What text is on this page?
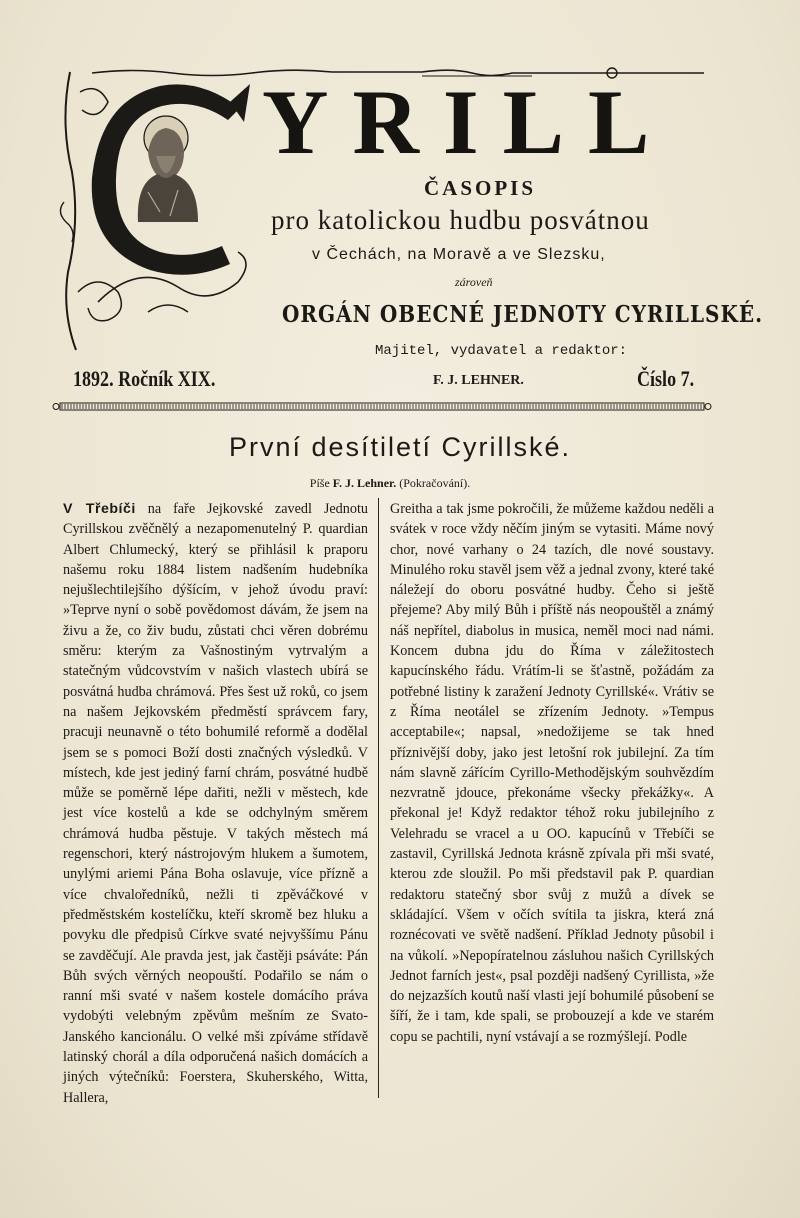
YRILL
ČASOPIS
pro katolickou hudbu posvátnou
v Čechách, na Moravě a ve Slezsku,
zároveň
ORGÁN OBECNÉ JEDNOTY CYRILLSKÉ.
Majitel, vydavatel a redaktor:
1892. Ročník XIX.	F. J. LEHNER.	Číslo 7.
První desítiletí Cyrillské.
Píše F. J. Lehner. (Pokračování).
V Třebíči na faře Jejkovské zavedl Jednotu Cyrillskou zvěčnělý a nezapomenutelný P. quardian Albert Chlumecký, který se přihlásil k praporu našemu roku 1884 listem nadšením hudebníka nejušlechtilejšího dýšícím, v jehož úvodu praví: »Teprve nyní o sobě povědomost dávám, že jsem na živu a že, co živ budu, zůstati chci věren dobrému směru: kterým za Vašnostiným vytrvalým a statečným vůdcovstvím v našich vlastech ubírá se posvátná hudba chrámová. Přes šest už roků, co jsem na našem Jejkovském předměstí správcem fary, pracuji neunavně o této bohumilé reformě a dodělal jsem se s pomoci Boží dosti značných výsledků. V místech, kde jest jediný farní chrám, posvátné hudbě může se poměrně lépe dařiti, nežli v městech, kde jest více kostelů a kde se odchylným směrem chrámová hudba pěstuje. V takých městech má regenschori, který nástrojovým hlukem a šumotem, unylými ariemi Pána Boha oslavuje, více přízně a více chvaloředníků, nežli ti zpěváčkové v předměstském kostelíčku, kteří skromě bez hluku a povyku dle předpisů Církve svaté nejvyššímu Pánu se zavděčují. Ale pravda jest, jak častěji psáváte: Pán Bůh svých věrných neopouští. Podařilo se nám o ranní mši svaté v našem kostele domácího práva vydobýti velebným zpěvům mešním ze Svato-Janského kancionálu. O velké mši zpíváme střídavě latinský chorál a díla odporučená našich domácích a jiných výtečníků: Foerstera, Skuherského, Witta, Hallera,
Greitha a tak jsme pokročili, že můžeme každou neděli a svátek v roce vždy něčím jiným se vytasiti. Máme nový chor, nové varhany o 24 tazích, dle nové soustavy. Minulého roku stavěl jsem věž a jednal zvony, které také náležejí do oboru posvátné hudby. Čeho si ještě přejeme? Aby milý Bůh i příště nás neopouštěl a známý náš nepřítel, diabolus in musica, neměl moci nad námi. Koncem dubna jdu do Říma v záležitostech kapucínského řádu. Vrátím-li se šťastně, požádám za potřebné listiny k zaražení Jednoty Cyrillské«. Vrátiv se z Říma neotálel se zřízením Jednoty. »Tempus acceptabile«; napsal, »nedožijeme se tak hned příznivější doby, jako jest letošní rok jubilejní. Za tím nám slavně zářícím Cyrillo-Methodějským souhvězdím nezvratně jdouce, překonáme všecky překážky«. A překonal je! Když redaktor téhož roku jubilejního z Velehradu se vracel a u OO. kapucínů v Třebíči se zastavil, Cyrillská Jednota krásně zpívala při mši svaté, kterou zde sloužil. Po mši představil pak P. quardian redaktoru statečný sbor svůj z mužů a dívek se skládající. Všem v očích svítila ta jiskra, která zná roznécovati ve světě nadšení. Příklad Jednoty působil i na vůkolí. »Nepopíratelnou zásluhou našich Cyrillských Jednot farních jest«, psal později nadšený Cyrillista, »že do nejzazších koutů naší vlasti její bohumilé působení se šíří, že i tam, kde spali, se probouzejí a kde ve starém copu se pachtili, nyní vstávají a se rozmýšlejí. Podle
